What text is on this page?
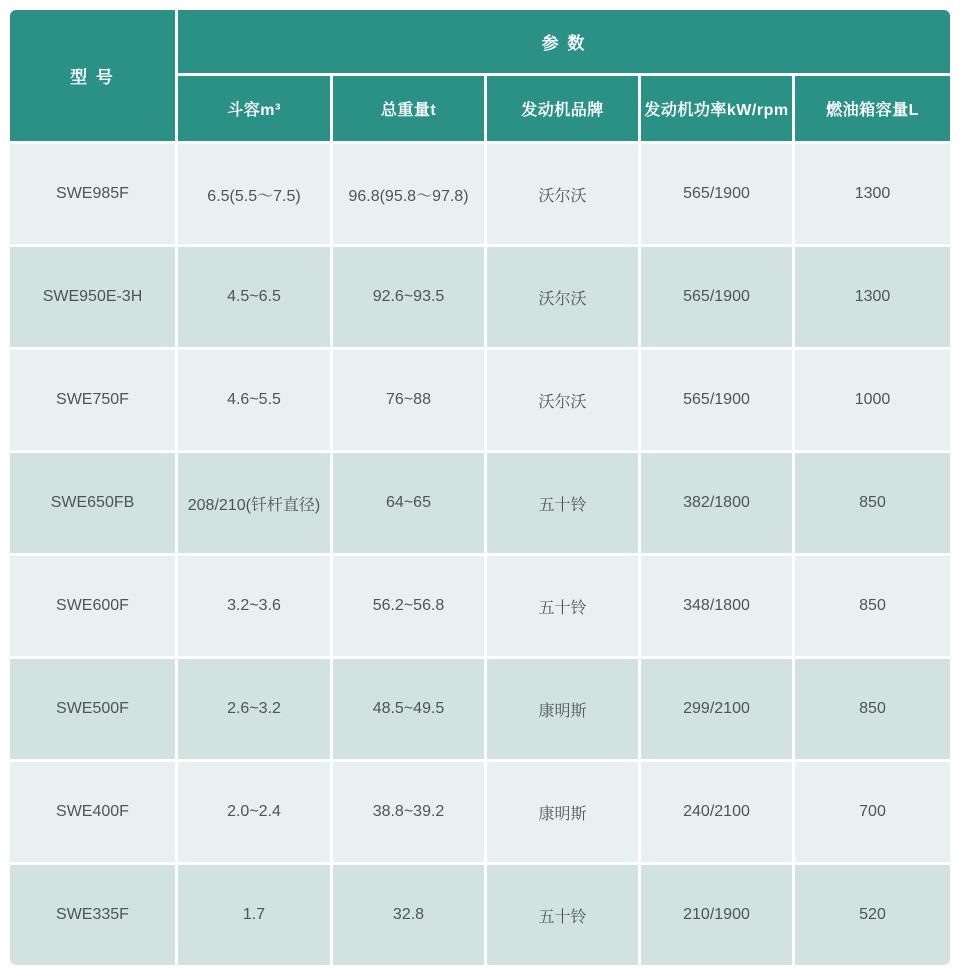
型 号	参 数				
	斗容m³	总重量t	发动机品牌	发动机功率kW/rpm	燃油箱容量L
SWE985F	6.5(5.5～7.5)	96.8(95.8～97.8)	沃尔沃	565/1900	1300
SWE950E-3H	4.5~6.5	92.6~93.5	沃尔沃	565/1900	1300
SWE750F	4.6~5.5	76~88	沃尔沃	565/1900	1000
SWE650FB	208/210(钎杆直径)	64~65	五十铃	382/1800	850
SWE600F	3.2~3.6	56.2~56.8	五十铃	348/1800	850
SWE500F	2.6~3.2	48.5~49.5	康明斯	299/2100	850
SWE400F	2.0~2.4	38.8~39.2	康明斯	240/2100	700
SWE335F	1.7	32.8	五十铃	210/1900	520
